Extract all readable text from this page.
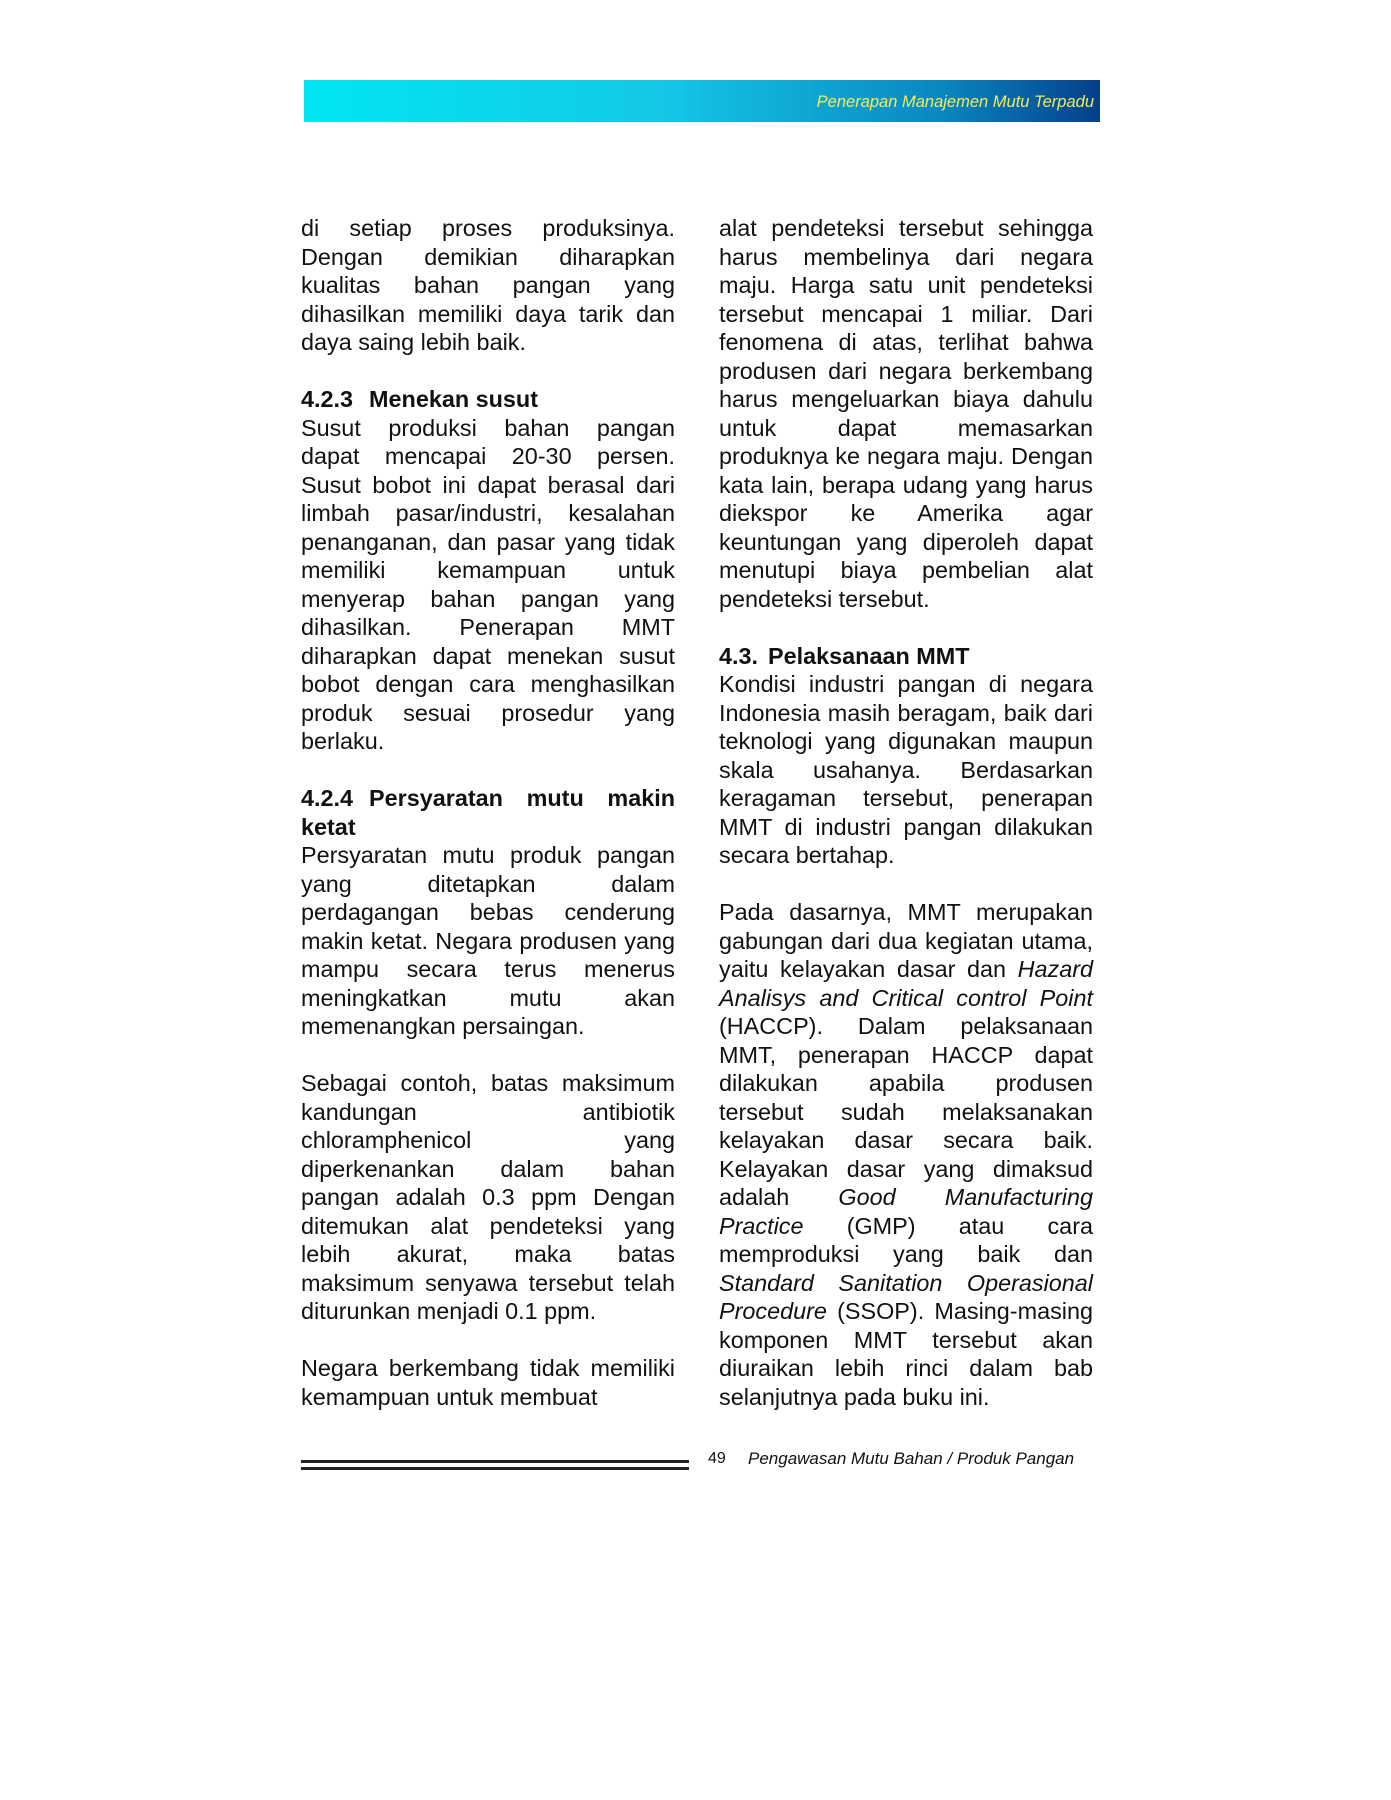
Penerapan Manajemen Mutu Terpadu

di setiap proses produksinya. Dengan demikian diharapkan kualitas bahan pangan yang dihasilkan memiliki daya tarik dan daya saing lebih baik.

4.2.3 Menekan susut

Susut produksi bahan pangan dapat mencapai 20-30 persen. Susut bobot ini dapat berasal dari limbah pasar/industri, kesalahan penanganan, dan pasar yang tidak memiliki kemampuan untuk menyerap bahan pangan yang dihasilkan. Penerapan MMT diharapkan dapat menekan susut bobot dengan cara menghasilkan produk sesuai prosedur yang berlaku.

4.2.4 Persyaratan mutu makin ketat

Persyaratan mutu produk pangan yang ditetapkan dalam perdagangan bebas cenderung makin ketat. Negara produsen yang mampu secara terus menerus meningkatkan mutu akan memenangkan persaingan.

Sebagai contoh, batas maksimum kandungan antibiotik chloramphenicol yang diperkenankan dalam bahan pangan adalah 0.3 ppm Dengan ditemukan alat pendeteksi yang lebih akurat, maka batas maksimum senyawa tersebut telah diturunkan menjadi 0.1 ppm.

Negara berkembang tidak memiliki kemampuan untuk membuat

alat pendeteksi tersebut sehingga harus membelinya dari negara maju. Harga satu unit pendeteksi tersebut mencapai 1 miliar. Dari fenomena di atas, terlihat bahwa produsen dari negara berkembang harus mengeluarkan biaya dahulu untuk dapat memasarkan produknya ke negara maju. Dengan kata lain, berapa udang yang harus diekspor ke Amerika agar keuntungan yang diperoleh dapat menutupi biaya pembelian alat pendeteksi tersebut.

4.3. Pelaksanaan MMT

Kondisi industri pangan di negara Indonesia masih beragam, baik dari teknologi yang digunakan maupun skala usahanya. Berdasarkan keragaman tersebut, penerapan MMT di industri pangan dilakukan secara bertahap.

Pada dasarnya, MMT merupakan gabungan dari dua kegiatan utama, yaitu kelayakan dasar dan Hazard Analisys and Critical control Point (HACCP). Dalam pelaksanaan MMT, penerapan HACCP dapat dilakukan apabila produsen tersebut sudah melaksanakan kelayakan dasar secara baik. Kelayakan dasar yang dimaksud adalah Good Manufacturing Practice (GMP) atau cara memproduksi yang baik dan Standard Sanitation Operasional Procedure (SSOP). Masing-masing komponen MMT tersebut akan diuraikan lebih rinci dalam bab selanjutnya pada buku ini.

49 Pengawasan Mutu Bahan / Produk Pangan
